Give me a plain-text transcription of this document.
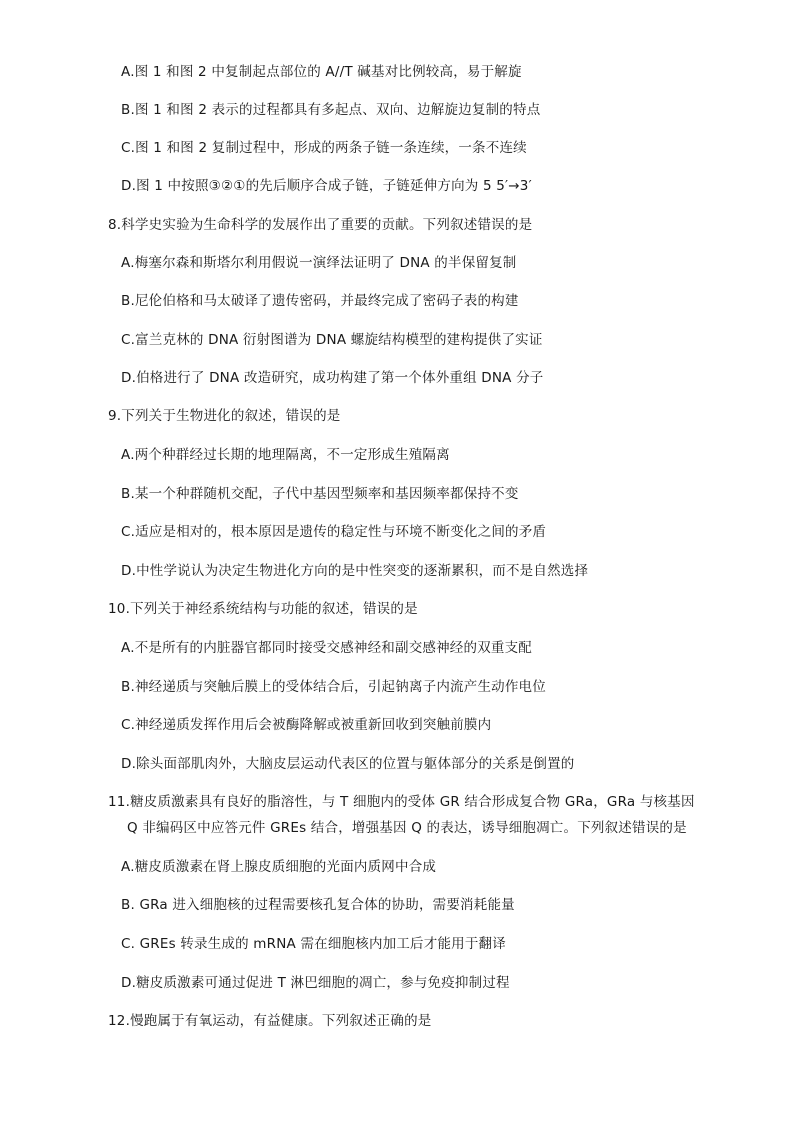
A.图 1 和图 2 中复制起点部位的 A//T 碱基对比例较高，易于解旋
B.图 1 和图 2 表示的过程都具有多起点、双向、边解旋边复制的特点
C.图 1 和图 2 复制过程中，形成的两条子链一条连续，一条不连续
D.图 1 中按照③②①的先后顺序合成子链，子链延伸方向为 5 5′→3′
8.科学史实验为生命科学的发展作出了重要的贡献。下列叙述错误的是
A.梅塞尔森和斯塔尔利用假说一演绎法证明了 DNA 的半保留复制
B.尼伦伯格和马太破译了遗传密码，并最终完成了密码子表的构建
C.富兰克林的 DNA 衍射图谱为 DNA 螺旋结构模型的建构提供了实证
D.伯格进行了 DNA 改造研究，成功构建了第一个体外重组 DNA 分子
9.下列关于生物进化的叙述，错误的是
A.两个种群经过长期的地理隔离，不一定形成生殖隔离
B.某一个种群随机交配，子代中基因型频率和基因频率都保持不变
C.适应是相对的，根本原因是遗传的稳定性与环境不断变化之间的矛盾
D.中性学说认为决定生物进化方向的是中性突变的逐渐累积，而不是自然选择
10.下列关于神经系统结构与功能的叙述，错误的是
A.不是所有的内脏器官都同时接受交感神经和副交感神经的双重支配
B.神经递质与突触后膜上的受体结合后，引起钠离子内流产生动作电位
C.神经递质发挥作用后会被酶降解或被重新回收到突触前膜内
D.除头面部肌肉外，大脑皮层运动代表区的位置与躯体部分的关系是倒置的
11.糖皮质激素具有良好的脂溶性，与 T 细胞内的受体 GR 结合形成复合物 GRa，GRa 与核基因
Q 非编码区中应答元件 GREs 结合，增强基因 Q 的表达，诱导细胞凋亡。下列叙述错误的是
A.糖皮质激素在肾上腺皮质细胞的光面内质网中合成
B. GRa 进入细胞核的过程需要核孔复合体的协助，需要消耗能量
C. GREs 转录生成的 mRNA 需在细胞核内加工后才能用于翻译
D.糖皮质激素可通过促进 T 淋巴细胞的凋亡，参与免疫抑制过程
12.慢跑属于有氧运动，有益健康。下列叙述正确的是
